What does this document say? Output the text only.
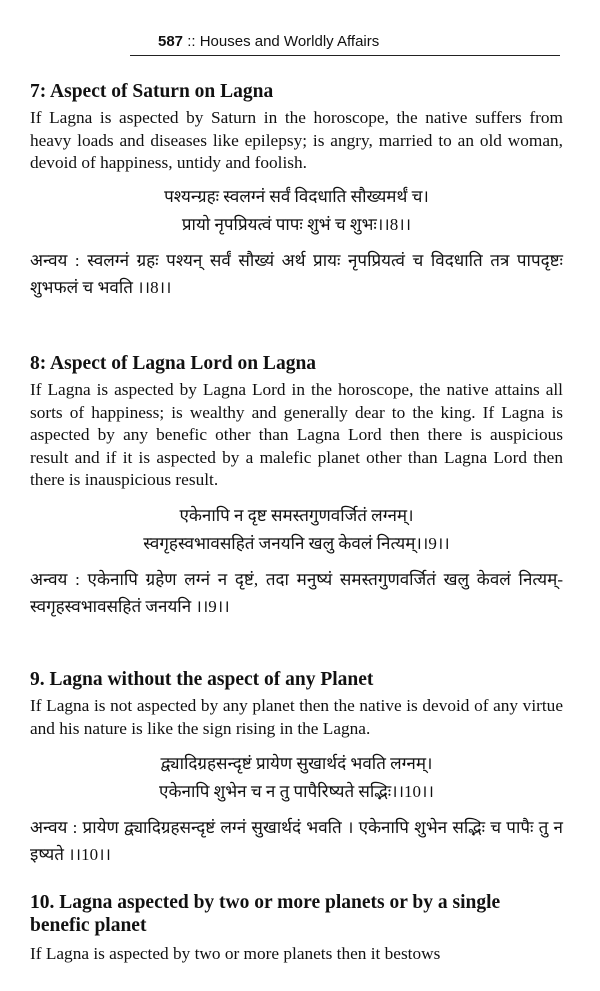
587 :: Houses and Worldly Affairs
7: Aspect of Saturn on Lagna

If Lagna is aspected by Saturn in the horoscope, the native suffers from heavy loads and diseases like epilepsy; is angry, married to an old woman, devoid of happiness, untidy and foolish.

पश्यन्ग्रहः स्वलग्नं सर्वं विदधाति सौख्यमर्थं च।

प्रायो नृपप्रियत्वं पापः शुभं च शुभः।।8।।

अन्वय : स्वलग्नं ग्रहः पश्यन् सर्वं सौख्यं अर्थ प्रायः नृपप्रियत्वं च विदधाति तत्र पापदृष्टः शुभफलं च भवति ।।8।।

8: Aspect of Lagna Lord on Lagna

If Lagna is aspected by Lagna Lord in the horoscope, the native attains all sorts of happiness; is wealthy and generally dear to the king. If Lagna is aspected by any benefic other than Lagna Lord then there is auspicious result and if it is aspected by a malefic planet other than Lagna Lord then there is inauspicious result.

एकेनापि न दृष्ट समस्तगुणवर्जितं लग्नम्।

स्वगृहस्वभावसहितं जनयनि खलु केवलं नित्यम्।।9।।

अन्वय : एकेनापि ग्रहेण लग्नं न दृष्टं, तदा मनुष्यं समस्तगुणवर्जितं खलु केवलं नित्यम्-स्वगृहस्वभावसहितं जनयनि ।।9।।

9. Lagna without the aspect of any Planet

If Lagna is not aspected by any planet then the native is devoid of any virtue and his nature is like the sign rising in the Lagna.

द्व्यादिग्रहसन्दृष्टं प्रायेण सुखार्थदं भवति लग्नम्।

एकेनापि शुभेन च न तु पापैरिष्यते सद्भिः।।10।।

अन्वय : प्रायेण द्व्यादिग्रहसन्दृष्टं लग्नं सुखार्थदं भवति । एकेनापि शुभेन सद्भिः च पापैः तु न इष्यते ।।10।।

10. Lagna aspected by two or more planets or by a single benefic planet

If Lagna is aspected by two or more planets then it bestows
